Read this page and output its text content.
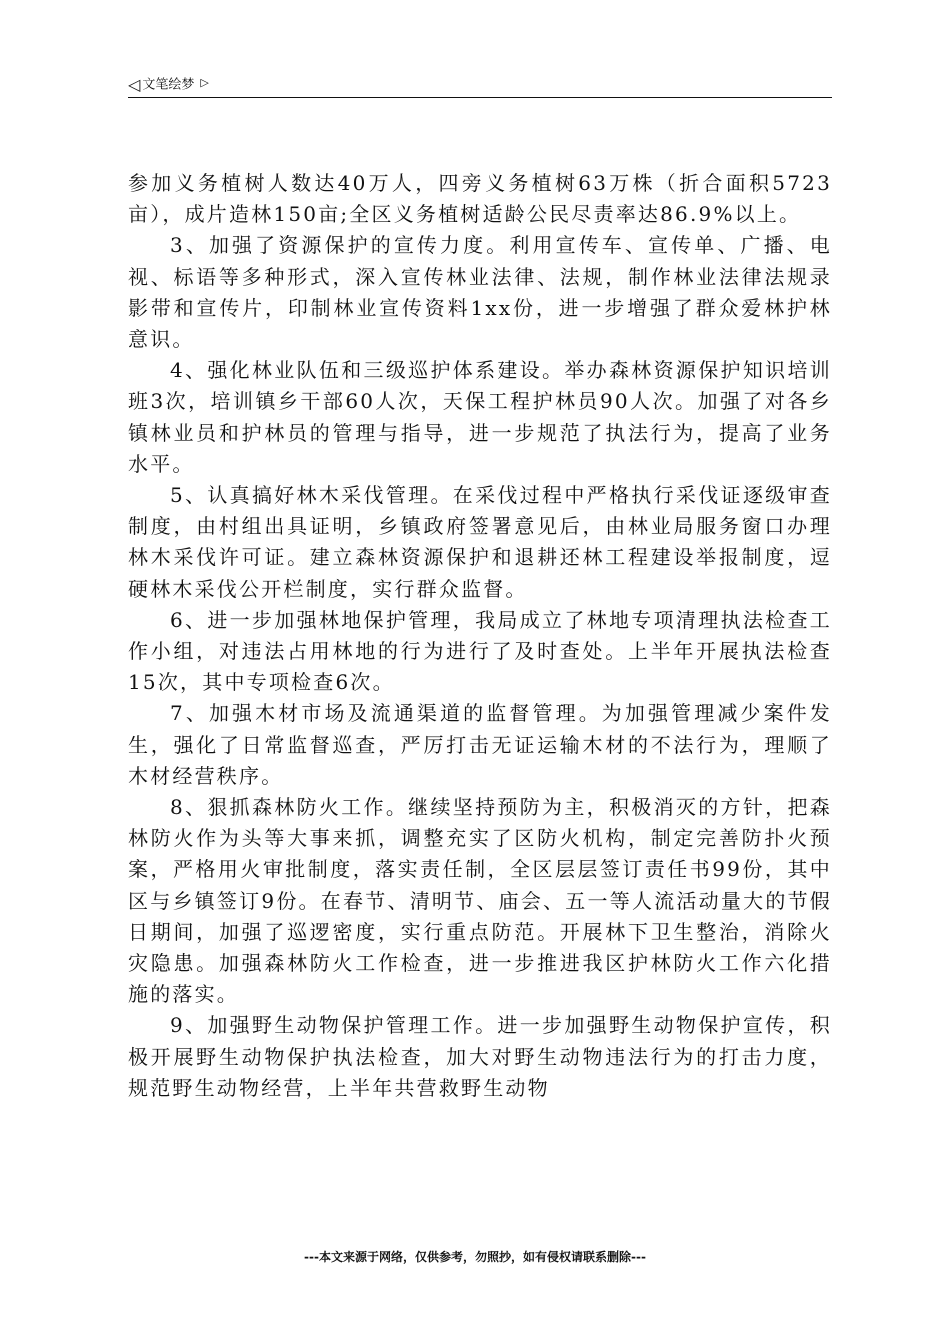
◁ 文笔绘梦 ▷

参加义务植树人数达40万人，四旁义务植树63万株（折合面积5723亩），成片造林150亩;全区义务植树适龄公民尽责率达86.9%以上。

3、加强了资源保护的宣传力度。利用宣传车、宣传单、广播、电视、标语等多种形式，深入宣传林业法律、法规，制作林业法律法规录影带和宣传片，印制林业宣传资料1xx份，进一步增强了群众爱林护林意识。

4、强化林业队伍和三级巡护体系建设。举办森林资源保护知识培训班3次，培训镇乡干部60人次，天保工程护林员90人次。加强了对各乡镇林业员和护林员的管理与指导，进一步规范了执法行为，提高了业务水平。

5、认真搞好林木采伐管理。在采伐过程中严格执行采伐证逐级审查制度，由村组出具证明，乡镇政府签署意见后，由林业局服务窗口办理林木采伐许可证。建立森林资源保护和退耕还林工程建设举报制度，逗硬林木采伐公开栏制度，实行群众监督。

6、进一步加强林地保护管理，我局成立了林地专项清理执法检查工作小组，对违法占用林地的行为进行了及时查处。上半年开展执法检查15次，其中专项检查6次。

7、加强木材市场及流通渠道的监督管理。为加强管理减少案件发生，强化了日常监督巡查，严厉打击无证运输木材的不法行为，理顺了木材经营秩序。

8、狠抓森林防火工作。继续坚持预防为主，积极消灭的方针，把森林防火作为头等大事来抓，调整充实了区防火机构，制定完善防扑火预案，严格用火审批制度，落实责任制，全区层层签订责任书99份，其中区与乡镇签订9份。在春节、清明节、庙会、五一等人流活动量大的节假日期间，加强了巡逻密度，实行重点防范。开展林下卫生整治，消除火灾隐患。加强森林防火工作检查，进一步推进我区护林防火工作六化措施的落实。

9、加强野生动物保护管理工作。进一步加强野生动物保护宣传，积极开展野生动物保护执法检查，加大对野生动物违法行为的打击力度，规范野生动物经营，上半年共营救野生动物

---本文来源于网络，仅供参考，勿照抄，如有侵权请联系删除---
